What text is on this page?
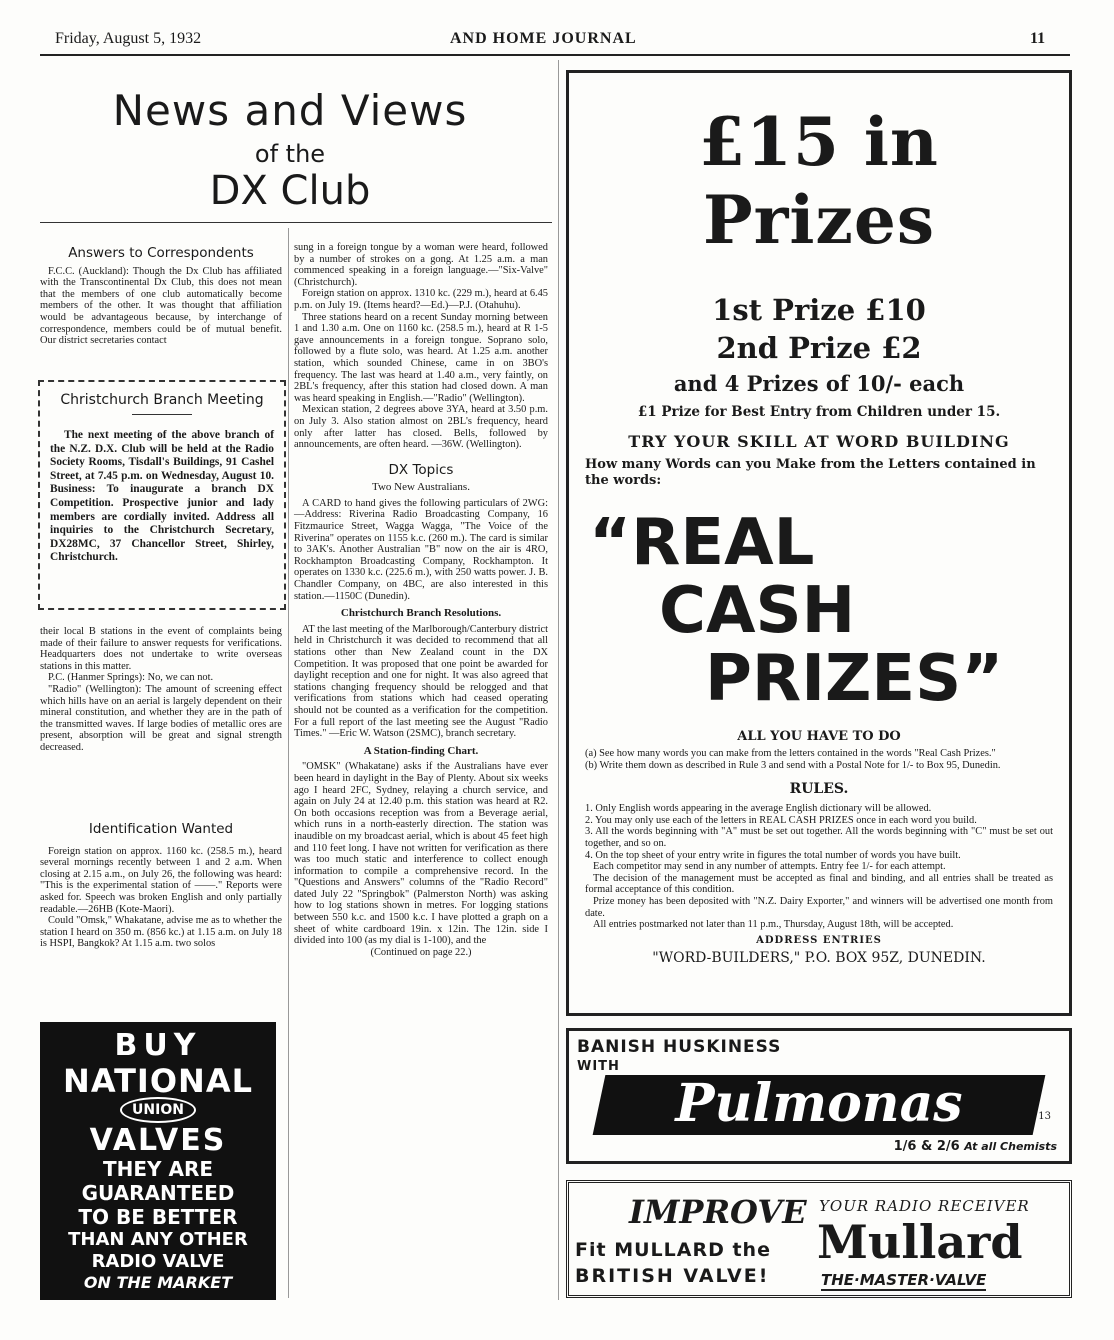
Friday, August 5, 1932	AND HOME JOURNAL	11
News and Views
of the
DX Club
Answers to Correspondents

F.C.C. (Auckland): Though the Dx Club has affiliated with the Transcontinental Dx Club, this does not mean that the members of one club automatically become members of the other. It was thought that affiliation would be advantageous because, by interchange of correspondence, members could be of mutual benefit. Our district secretaries contact

Christchurch Branch Meeting
The next meeting of the above branch of the N.Z. D.X. Club will be held at the Radio Society Rooms, Tisdall's Buildings, 91 Cashel Street, at 7.45 p.m. on Wednesday, August 10. Business: To inaugurate a branch DX Competition. Prospective junior and lady members are cordially invited. Address all inquiries to the Christchurch Secretary, DX28MC, 37 Chancellor Street, Shirley, Christchurch.

their local B stations in the event of complaints being made of their failure to answer requests for verifications. Headquarters does not undertake to write overseas stations in this matter.

P.C. (Hanmer Springs): No, we can not.

"Radio" (Wellington): The amount of screening effect which hills have on an aerial is largely dependent on their mineral constitution, and whether they are in the path of the transmitted waves. If large bodies of metallic ores are present, absorption will be great and signal strength decreased.

Identification Wanted

Foreign station on approx. 1160 kc. (258.5 m.), heard several mornings recently between 1 and 2 a.m. When closing at 2.15 a.m., on July 26, the following was heard: "This is the experimental station of ——." Reports were asked for. Speech was broken English and only partially readable.—26HB (Kote-Maori).

Could "Omsk," Whakatane, advise me as to whether the station I heard on 350 m. (856 kc.) at 1.15 a.m. on July 18 is HSPI, Bangkok? At 1.15 a.m. two solos

BUY
NATIONAL
UNION
VALVES
THEY ARE
GUARANTEED
TO BE BETTER
THAN ANY OTHER
RADIO VALVE
ON THE MARKET

sung in a foreign tongue by a woman were heard, followed by a number of strokes on a gong. At 1.25 a.m. a man commenced speaking in a foreign language.—"Six-Valve" (Christchurch).

Foreign station on approx. 1310 kc. (229 m.), heard at 6.45 p.m. on July 19. (Items heard?—Ed.)—P.J. (Otahuhu).

Three stations heard on a recent Sunday morning between 1 and 1.30 a.m. One on 1160 kc. (258.5 m.), heard at R 1-5 gave announcements in a foreign tongue. Soprano solo, followed by a flute solo, was heard. At 1.25 a.m. another station, which sounded Chinese, came in on 3BO's frequency. The last was heard at 1.40 a.m., very faintly, on 2BL's frequency, after this station had closed down. A man was heard speaking in English.—"Radio" (Wellington).

Mexican station, 2 degrees above 3YA, heard at 3.50 p.m. on July 3. Also station almost on 2BL's frequency, heard only after latter has closed. Bells, followed by announcements, are often heard. —36W. (Wellington).

DX Topics
Two New Australians.

A CARD to hand gives the following particulars of 2WG:—Address: Riverina Radio Broadcasting Company, 16 Fitzmaurice Street, Wagga Wagga, "The Voice of the Riverina" operates on 1155 k.c. (260 m.). The card is similar to 3AK's. Another Australian "B" now on the air is 4RO, Rockhampton Broadcasting Company, Rockhampton. It operates on 1330 k.c. (225.6 m.), with 250 watts power. J. B. Chandler Company, on 4BC, are also interested in this station.—1150C (Dunedin).

Christchurch Branch Resolutions.

AT the last meeting of the Marlborough/Canterbury district held in Christchurch it was decided to recommend that all stations other than New Zealand count in the DX Competition. It was proposed that one point be awarded for daylight reception and one for night. It was also agreed that stations changing frequency should be relogged and that verifications from stations which had ceased operating should not be counted as a verification for the competition. For a full report of the last meeting see the August "Radio Times." —Eric W. Watson (2SMC), branch secretary.

A Station-finding Chart.

"OMSK" (Whakatane) asks if the Australians have ever been heard in daylight in the Bay of Plenty. About six weeks ago I heard 2FC, Sydney, relaying a church service, and again on July 24 at 12.40 p.m. this station was heard at R2. On both occasions reception was from a Beverage aerial, which runs in a north-easterly direction. The station was inaudible on my broadcast aerial, which is about 45 feet high and 110 feet long. I have not written for verification as there was too much static and interference to collect enough information to compile a comprehensive record. In the "Questions and Answers" columns of the "Radio Record" dated July 22 "Springbok" (Palmerston North) was asking how to log stations shown in metres. For logging stations between 550 k.c. and 1500 k.c. I have plotted a graph on a sheet of white cardboard 19in. x 12in. The 12in. side I divided into 100 (as my dial is 1-100), and the

(Continued on page 22.)
£15 in Prizes
1st Prize £10
2nd Prize £2
and 4 Prizes of 10/- each
£1 Prize for Best Entry from Children under 15.
TRY YOUR SKILL AT WORD BUILDING
How many Words can you Make from the Letters contained in the words:
“REAL
CASH
PRIZES”
ALL YOU HAVE TO DO
(a) See how many words you can make from the letters contained in the words "Real Cash Prizes."
(b) Write them down as described in Rule 3 and send with a Postal Note for 1/- to Box 95, Dunedin.
RULES.
1. Only English words appearing in the average English dictionary will be allowed.
2. You may only use each of the letters in REAL CASH PRIZES once in each word you build.
3. All the words beginning with "A" must be set out together. All the words beginning with "C" must be set out together, and so on.
4. On the top sheet of your entry write in figures the total number of words you have built.

Each competitor may send in any number of attempts. Entry fee 1/- for each attempt.

The decision of the management must be accepted as final and binding, and all entries shall be treated as formal acceptance of this condition.

Prize money has been deposited with "N.Z. Dairy Exporter," and winners will be advertised one month from date.

All entries postmarked not later than 11 p.m., Thursday, August 18th, will be accepted.

ADDRESS ENTRIES
"WORD-BUILDERS," P.O. BOX 95Z, DUNEDIN.
BANISH HUSKINESS
WITH
Pulmonas	13
1/6 & 2/6 At all Chemists
IMPROVE YOUR RADIO RECEIVER
Fit MULLARD the
BRITISH VALVE!
Mullard
THE·MASTER·VALVE
